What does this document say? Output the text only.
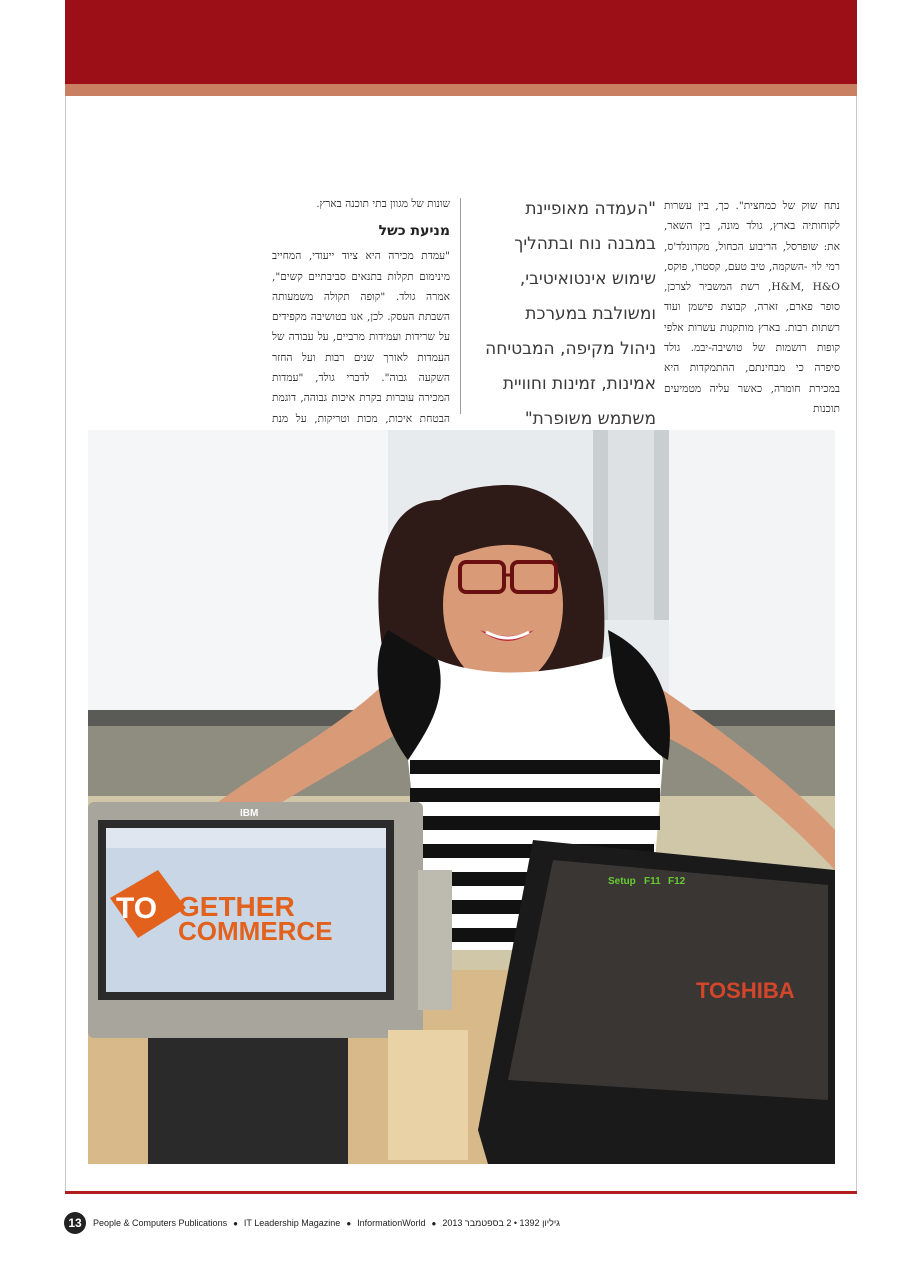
נתח שוק של כמחצית". כך, בין עשרות לקוחותיה בארץ, גולד מונה, בין השאר, את: שופרסל, הריבוע הכחול, מקדונלד'ס, רמי לוי -השקמה, טיב טעם, קסטרו, פוקס, H&M, H&O, רשת המשביר לצרכן, סופר פארם, זארה, קבוצת פישמן ועוד רשתות רבות. בארץ מותקנות עשרות אלפי קופות רושמות של טושיבה-יבמ. גולד סיפרה כי מבחינתם, ההתמקדות היא במכירת חומרה, כאשר עליה מטמיעים תוכנות

"העמדה מאופיינת
במבנה נוח ובתהליך
שימוש אינטואיטיבי,
ומשולבת במערכת
ניהול מקיפה, המבטיחה
אמינות, זמינות וחוויית
משתמש משופרת"

שונות של מגוון בתי תוכנה בארץ.

מניעת כשל

"עמדת מכירה היא ציוד ייעודי, המחייב מינימום תקלות בתנאים סביבתיים קשים", אמרה גולד. "קופה תקולה משמעותה השבתת העסק. לכן, אנו בטושיבה מקפידים על שרידות ועמידות מרביים, על עבודה של העמדות לאורך שנים רבות ועל החזר השקעה גבוה". לדברי גולד, "עמדות המכירה עוברות בקרת איכות גבוהה, דוגמת הבטחת איכות, מכות וטריקות, על מנת

TO GETHER
COMMERCE
IBM
Setup F11 F12
TOSHIBA
13	People & Computers Publications ● IT Leadership Magazine ● InformationWorld ● גיליון 1392 • 2 בספטמבר 2013
